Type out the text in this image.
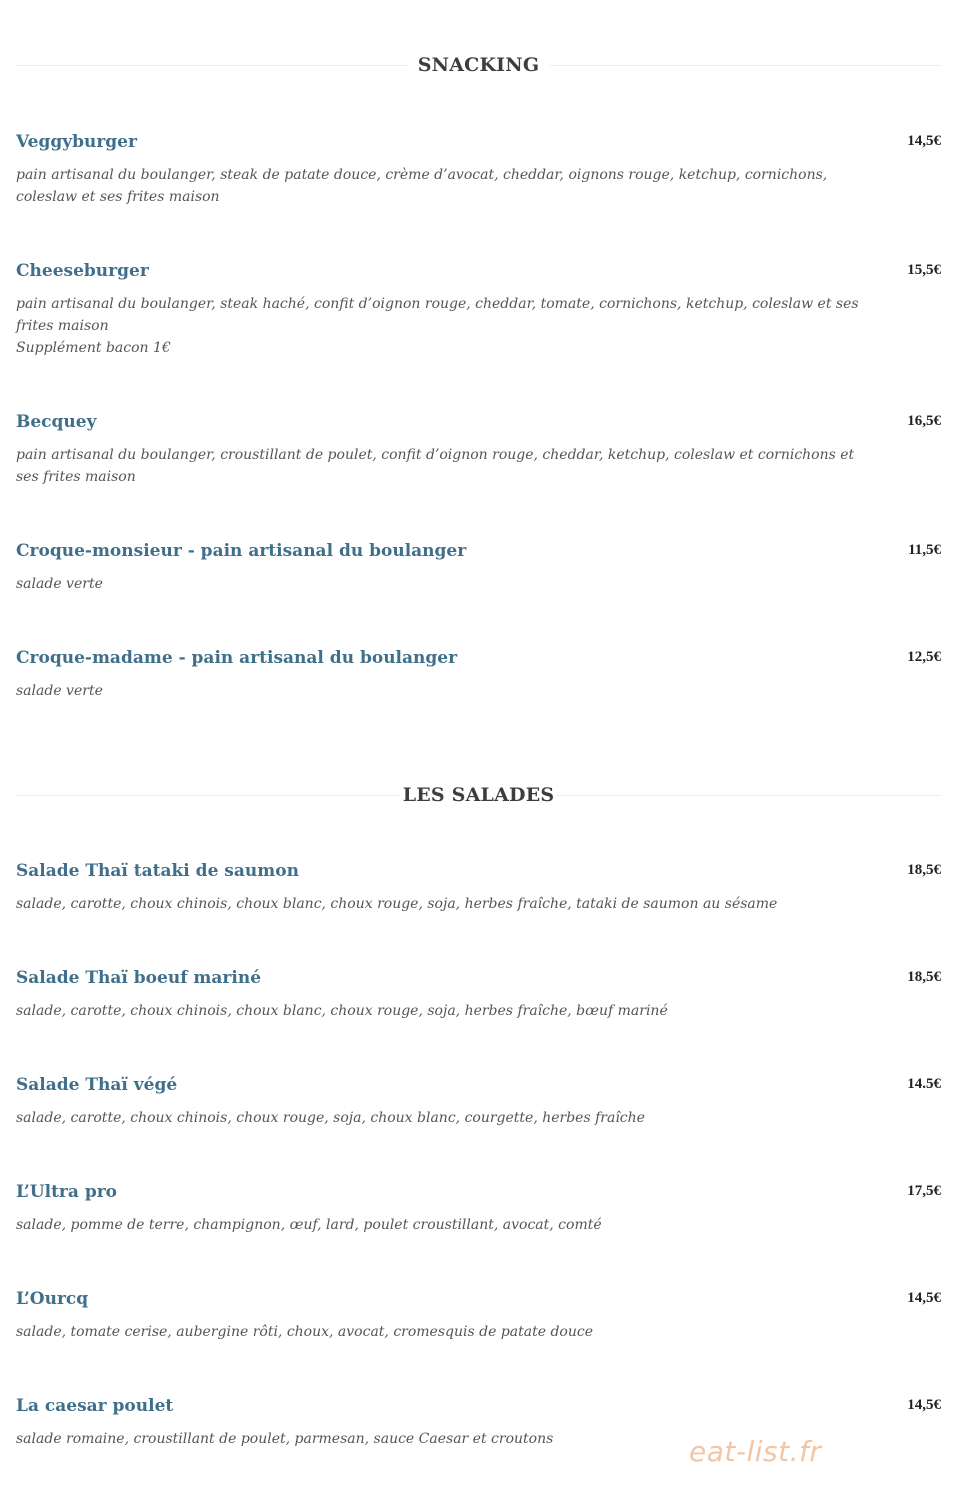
SNACKING
Veggyburger	14,5€
pain artisanal du boulanger, steak de patate douce, crème d’avocat, cheddar, oignons rouge, ketchup, cornichons,
coleslaw et ses frites maison
Cheeseburger	15,5€
pain artisanal du boulanger, steak haché, confit d’oignon rouge, cheddar, tomate, cornichons, ketchup, coleslaw et ses
frites maison
Supplément bacon 1€
Becquey	16,5€
pain artisanal du boulanger, croustillant de poulet, confit d’oignon rouge, cheddar, ketchup, coleslaw et cornichons et
ses frites maison
Croque-monsieur - pain artisanal du boulanger	11,5€
salade verte
Croque-madame - pain artisanal du boulanger	12,5€
salade verte
LES SALADES
Salade Thaï tataki de saumon	18,5€
salade, carotte, choux chinois, choux blanc, choux rouge, soja, herbes fraîche, tataki de saumon au sésame
Salade Thaï boeuf mariné	18,5€
salade, carotte, choux chinois, choux blanc, choux rouge, soja, herbes fraîche, bœuf mariné
Salade Thaï végé	14.5€
salade, carotte, choux chinois, choux rouge, soja, choux blanc, courgette, herbes fraîche
L’Ultra pro	17,5€
salade, pomme de terre, champignon, œuf, lard, poulet croustillant, avocat, comté
L’Ourcq	14,5€
salade, tomate cerise, aubergine rôti, choux, avocat, cromesquis de patate douce
La caesar poulet	14,5€
salade romaine, croustillant de poulet, parmesan, sauce Caesar et croutons	eat-list.fr
